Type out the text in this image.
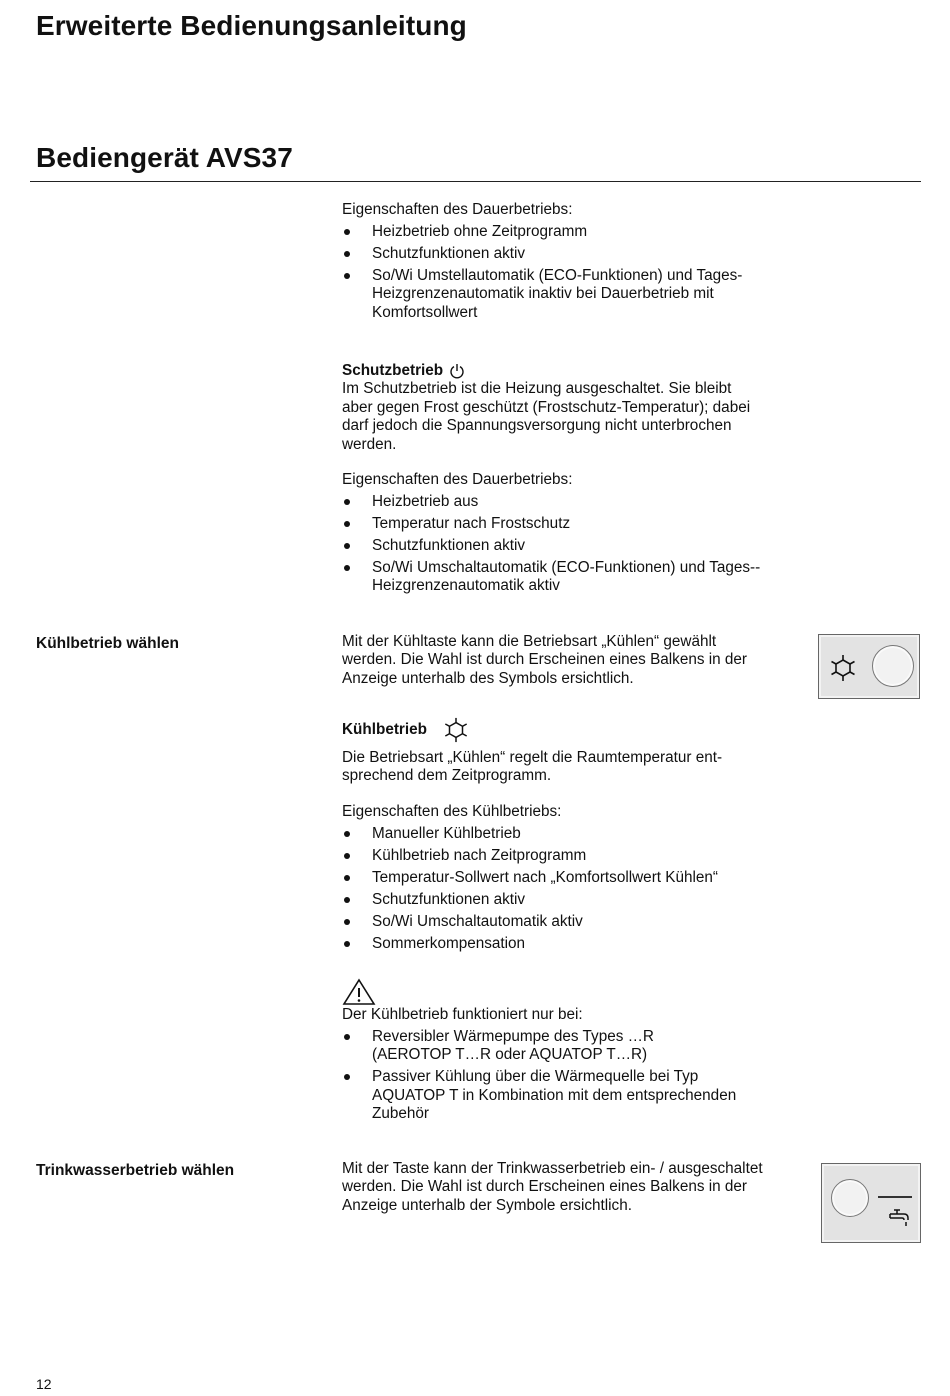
Erweiterte Bedienungsanleitung
Bediengerät AVS37
Eigenschaften des Dauerbetriebs:
Heizbetrieb ohne Zeitprogramm
Schutzfunktionen aktiv
So/Wi Umstellautomatik (ECO-Funktionen) und Tages-
Heizgrenzenautomatik inaktiv bei Dauerbetrieb mit
Komfortsollwert
Schutzbetrieb
Im Schutzbetrieb ist die Heizung ausgeschaltet. Sie bleibt
aber gegen Frost geschützt (Frostschutz-Temperatur); dabei
darf jedoch die Spannungsversorgung nicht unterbrochen
werden.
Eigenschaften des Dauerbetriebs:
Heizbetrieb aus
Temperatur nach Frostschutz
Schutzfunktionen aktiv
So/Wi Umschaltautomatik (ECO-Funktionen) und Tages--
Heizgrenzenautomatik aktiv
Kühlbetrieb wählen	Mit der Kühltaste kann die Betriebsart „Kühlen“ gewählt
werden. Die Wahl ist durch Erscheinen eines Balkens in der
Anzeige unterhalb des Symbols ersichtlich.
Kühlbetrieb
Die Betriebsart „Kühlen“ regelt die Raumtemperatur ent-
sprechend dem Zeitprogramm.
Eigenschaften des Kühlbetriebs:
Manueller Kühlbetrieb
Kühlbetrieb nach Zeitprogramm
Temperatur-Sollwert nach „Komfortsollwert Kühlen“
Schutzfunktionen aktiv
So/Wi Umschaltautomatik aktiv
Sommerkompensation
Der Kühlbetrieb funktioniert nur bei:
Reversibler Wärmepumpe des Types …R
(AEROTOP T…R oder AQUATOP T…R)
Passiver Kühlung über die Wärmequelle bei Typ
AQUATOP T in Kombination mit dem entsprechenden
Zubehör
Trinkwasserbetrieb wählen	Mit der Taste kann der Trinkwasserbetrieb ein- / ausgeschaltet
werden. Die Wahl ist durch Erscheinen eines Balkens in der
Anzeige unterhalb der Symbole ersichtlich.
12
